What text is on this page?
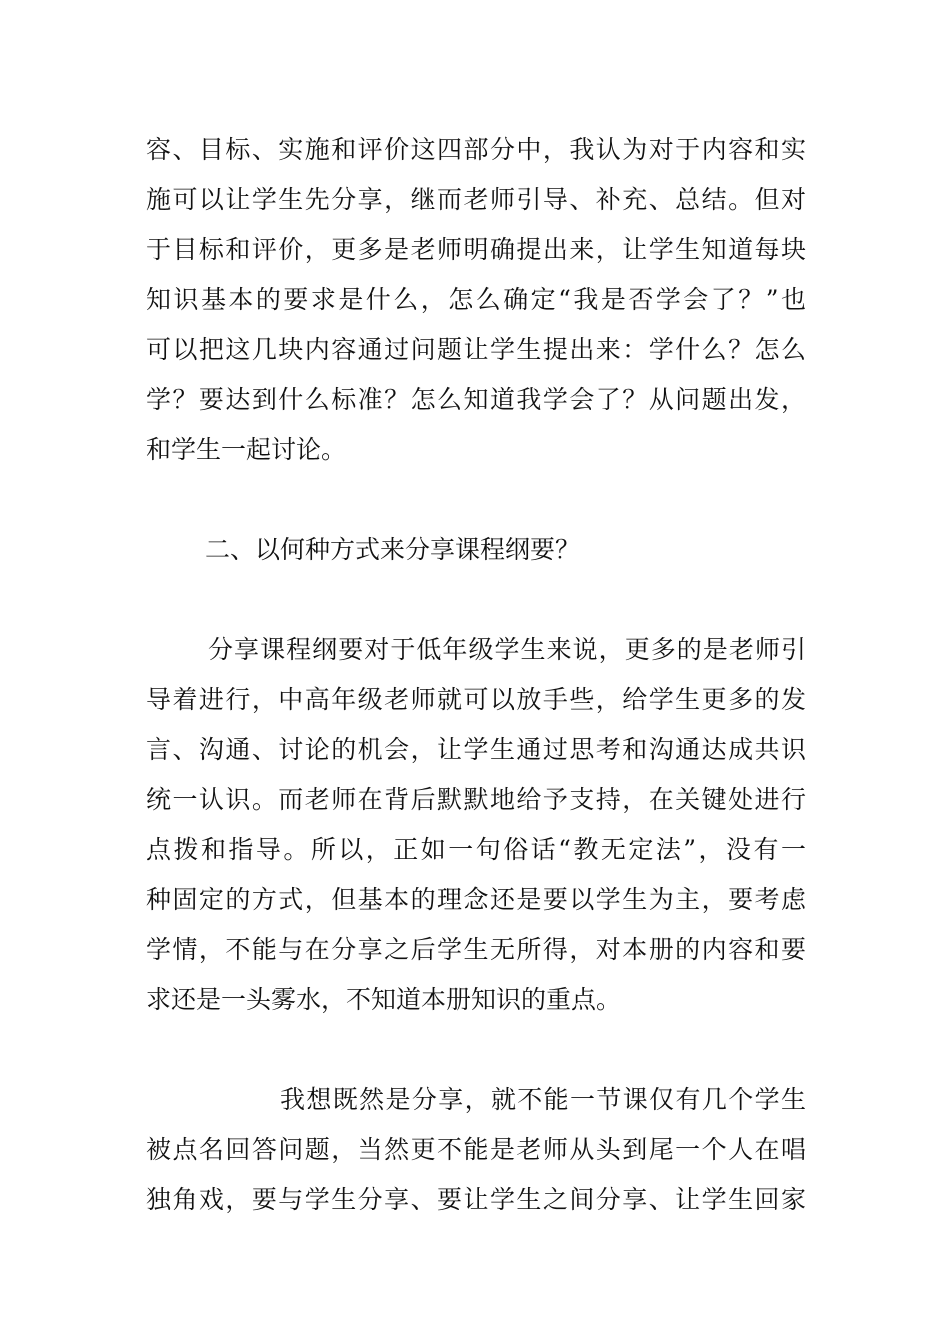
容、目标、实施和评价这四部分中，我认为对于内容和实
施可以让学生先分享，继而老师引导、补充、总结。但对
于目标和评价，更多是老师明确提出来，让学生知道每块
知识基本的要求是什么，怎么确定“我是否学会了？”也
可以把这几块内容通过问题让学生提出来：学什么？怎么
学？要达到什么标准？怎么知道我学会了？从问题出发，
和学生一起讨论。
二、以何种方式来分享课程纲要？
分享课程纲要对于低年级学生来说，更多的是老师引
导着进行，中高年级老师就可以放手些，给学生更多的发
言、沟通、讨论的机会，让学生通过思考和沟通达成共识
统一认识。而老师在背后默默地给予支持，在关键处进行
点拨和指导。所以，正如一句俗话“教无定法”，没有一
种固定的方式，但基本的理念还是要以学生为主，要考虑
学情，不能与在分享之后学生无所得，对本册的内容和要
求还是一头雾水，不知道本册知识的重点。
我想既然是分享，就不能一节课仅有几个学生
被点名回答问题，当然更不能是老师从头到尾一个人在唱
独角戏，要与学生分享、要让学生之间分享、让学生回家
